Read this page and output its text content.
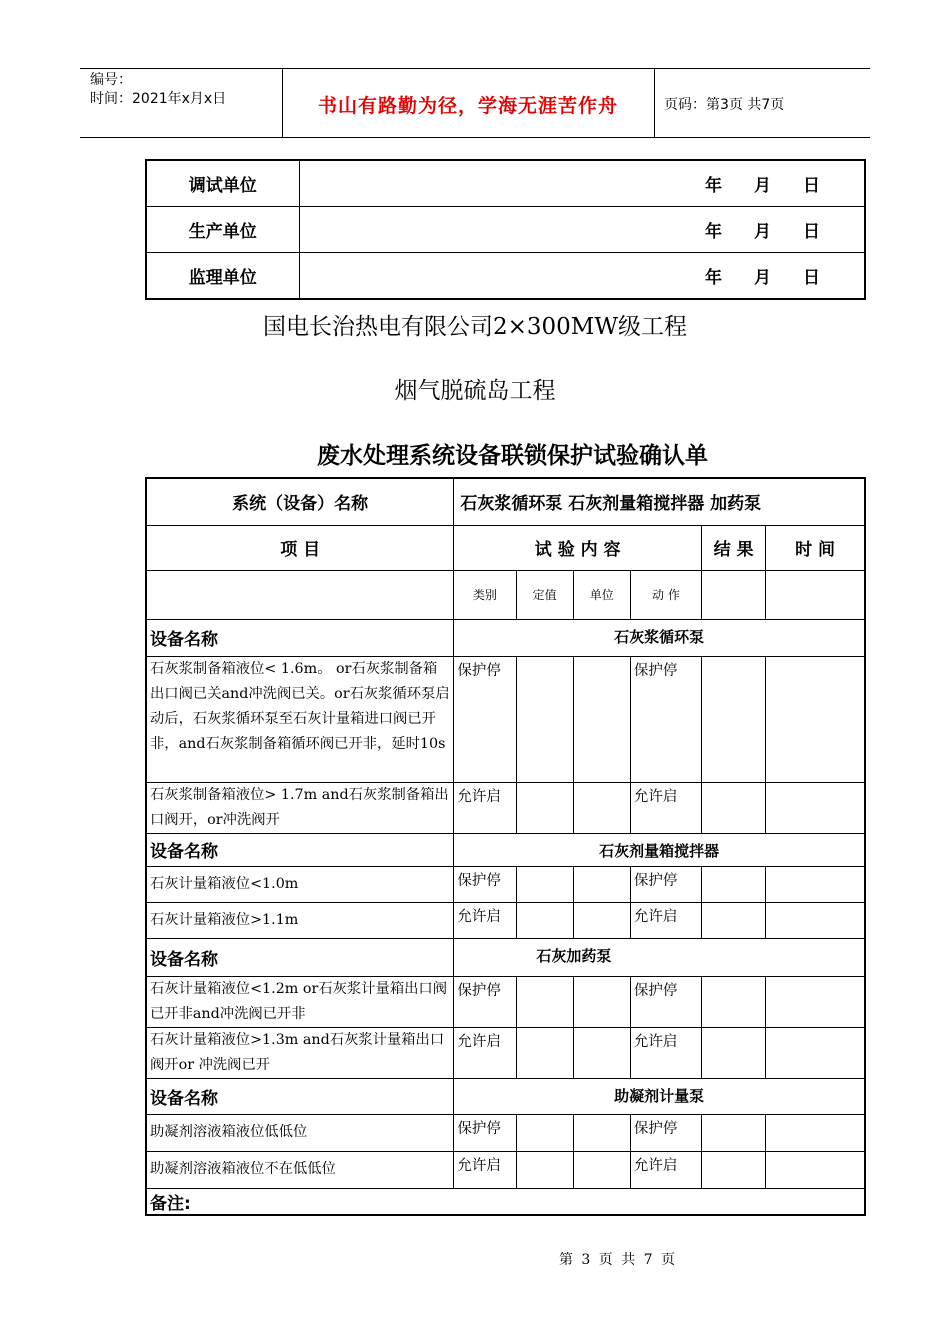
编号：
时间：2021年x月x日	书山有路勤为径，学海无涯苦作舟	页码：第3页 共7页
调试单位	年 月 日
生产单位	年 月 日
监理单位	年 月 日
国电长治热电有限公司2×300MW级工程
烟气脱硫岛工程
废水处理系统设备联锁保护试验确认单
系统（设备）名称	石灰浆循环泵 石灰剂量箱搅拌器 加药泵					
项 目	试 验 内 容				结 果	时 间
	类别	定值	单位	动 作		
设备名称	石灰浆循环泵					
石灰浆制备箱液位< 1.6m。 or石灰浆制备箱出口阀已关and冲洗阀已关。or石灰浆循环泵启动后，石灰浆循环泵至石灰计量箱进口阀已开非，and石灰浆制备箱循环阀已开非，延时10s	保护停			保护停		
石灰浆制备箱液位> 1.7m and石灰浆制备箱出口阀开，or冲洗阀开	允许启			允许启		
设备名称	石灰剂量箱搅拌器					
石灰计量箱液位<1.0m	保护停			保护停		
石灰计量箱液位>1.1m	允许启			允许启		
设备名称	石灰加药泵					
石灰计量箱液位<1.2m or石灰浆计量箱出口阀已开非and冲洗阀已开非	保护停			保护停		
石灰计量箱液位>1.3m and石灰浆计量箱出口阀开or 冲洗阀已开	允许启			允许启		
设备名称	助凝剂计量泵					
助凝剂溶液箱液位低低位	保护停			保护停		
助凝剂溶液箱液位不在低低位	允许启			允许启		
备注:						
第 3 页 共 7 页
